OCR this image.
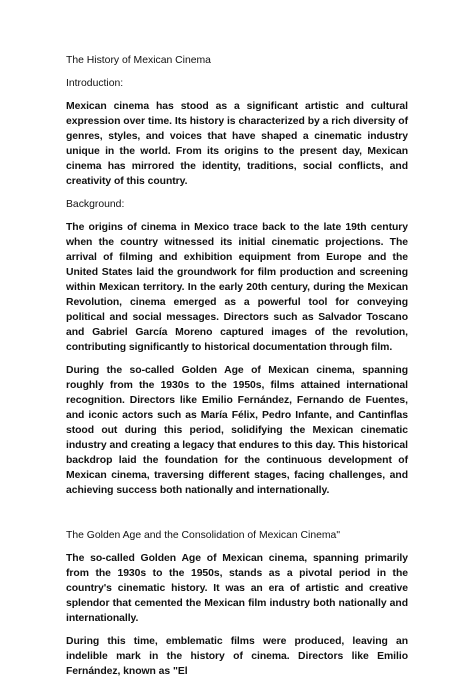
The History of Mexican Cinema

Introduction:

Mexican cinema has stood as a significant artistic and cultural expression over time. Its history is characterized by a rich diversity of genres, styles, and voices that have shaped a cinematic industry unique in the world. From its origins to the present day, Mexican cinema has mirrored the identity, traditions, social conflicts, and creativity of this country.

Background:

The origins of cinema in Mexico trace back to the late 19th century when the country witnessed its initial cinematic projections. The arrival of filming and exhibition equipment from Europe and the United States laid the groundwork for film production and screening within Mexican territory. In the early 20th century, during the Mexican Revolution, cinema emerged as a powerful tool for conveying political and social messages. Directors such as Salvador Toscano and Gabriel García Moreno captured images of the revolution, contributing significantly to historical documentation through film.

During the so-called Golden Age of Mexican cinema, spanning roughly from the 1930s to the 1950s, films attained international recognition. Directors like Emilio Fernández, Fernando de Fuentes, and iconic actors such as María Félix, Pedro Infante, and Cantinflas stood out during this period, solidifying the Mexican cinematic industry and creating a legacy that endures to this day. This historical backdrop laid the foundation for the continuous development of Mexican cinema, traversing different stages, facing challenges, and achieving success both nationally and internationally.

The Golden Age and the Consolidation of Mexican Cinema"

The so-called Golden Age of Mexican cinema, spanning primarily from the 1930s to the 1950s, stands as a pivotal period in the country's cinematic history. It was an era of artistic and creative splendor that cemented the Mexican film industry both nationally and internationally.

During this time, emblematic films were produced, leaving an indelible mark in the history of cinema. Directors like Emilio Fernández, known as "El
